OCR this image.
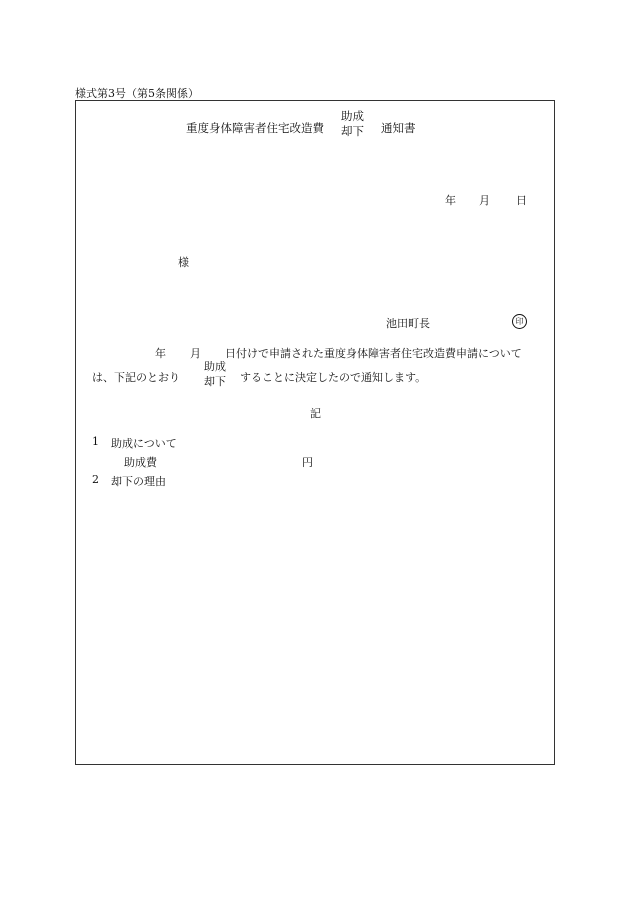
様式第3号（第5条関係）
重度身体障害者住宅改造費
助成
却下 通知書
年 月 日
様
池田町長	印
年 月 日付けで申請された重度身体障害者住宅改造費申請について
は、下記のとおり
助成
却下 することに決定したので通知します。
記
1 助成について
助成費	円
2 却下の理由
